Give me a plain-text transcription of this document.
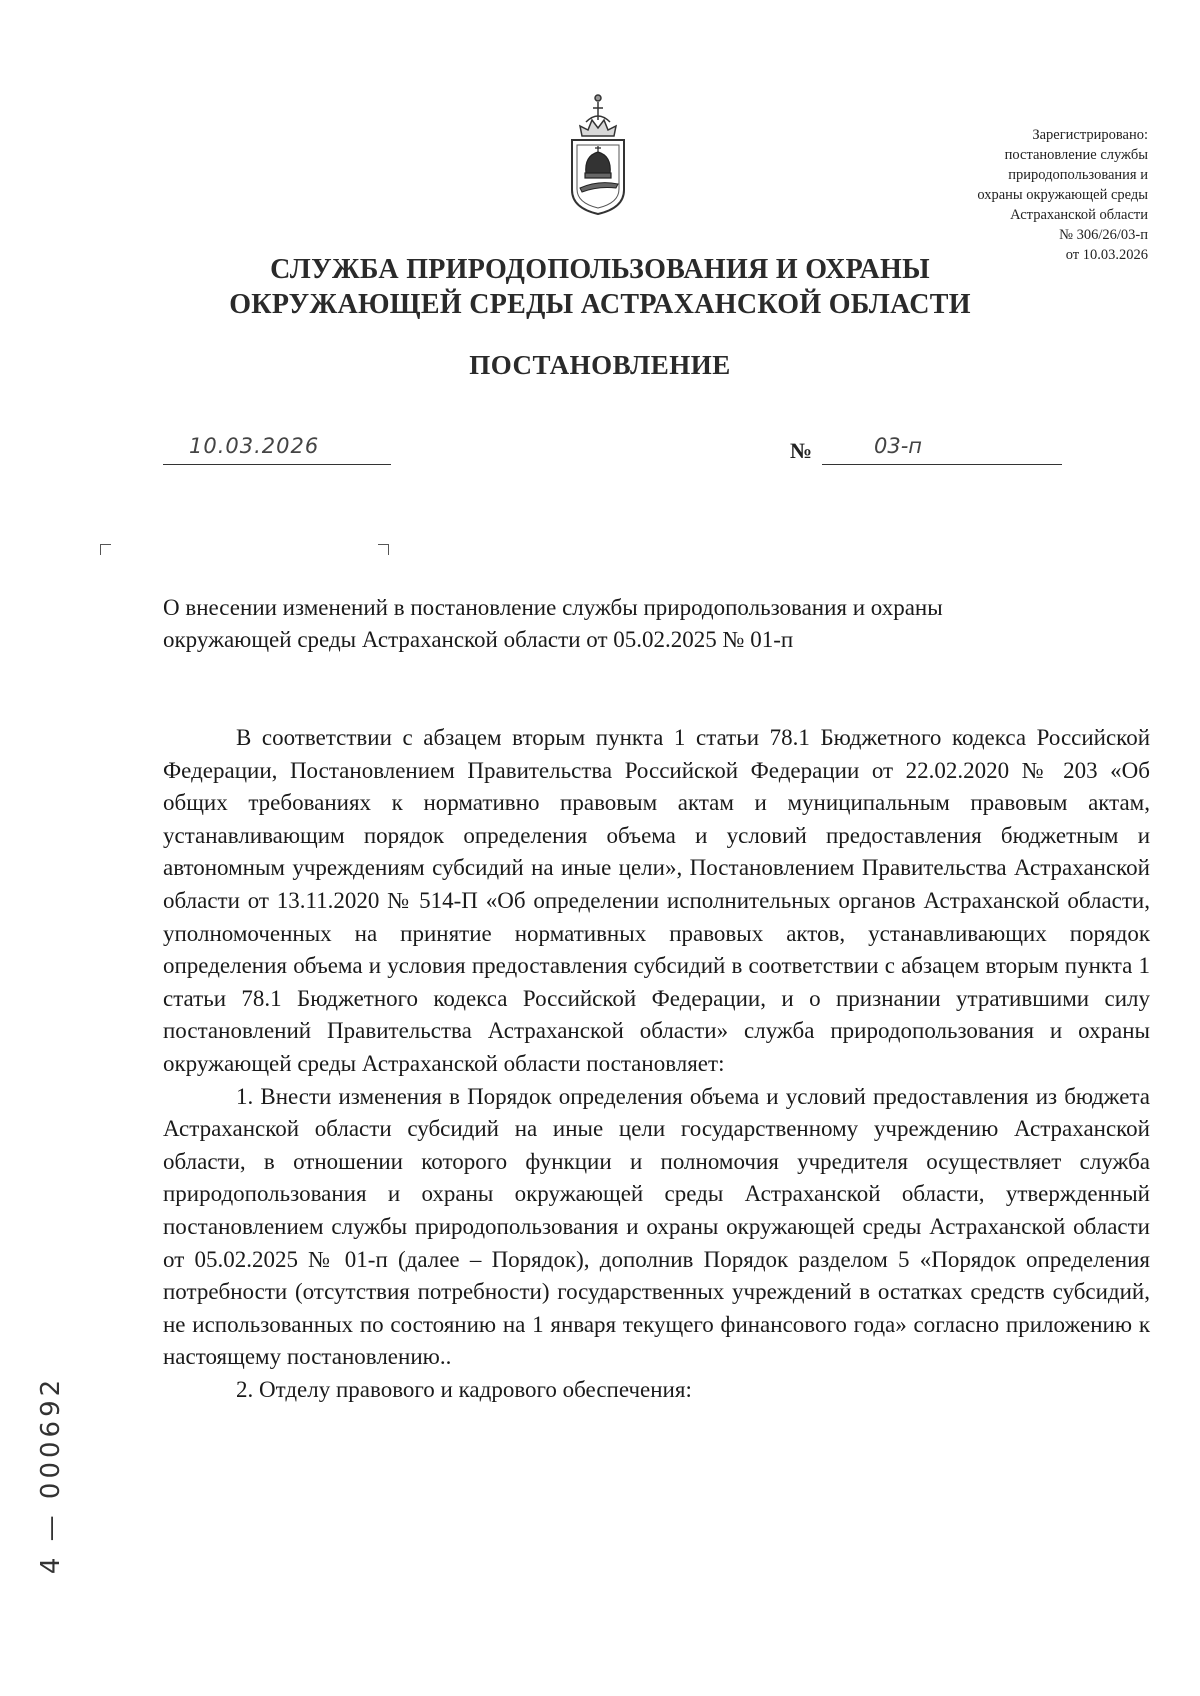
Зарегистрировано:
постановление службы
природопользования и
охраны окружающей среды
Астраханской области
№ 306/26/03-п
от 10.03.2026
СЛУЖБА ПРИРОДОПОЛЬЗОВАНИЯ И ОХРАНЫ
ОКРУЖАЮЩЕЙ СРЕДЫ АСТРАХАНСКОЙ ОБЛАСТИ
ПОСТАНОВЛЕНИЕ
10.03.2026	№	03-п
О внесении изменений в постановление службы природопользования и охраны
окружающей среды Астраханской области от 05.02.2025 № 01-п

В соответствии с абзацем вторым пункта 1 статьи 78.1 Бюджетного кодекса Российской Федерации, Постановлением Правительства Российской Федерации от 22.02.2020 № 203 «Об общих требованиях к нормативно правовым актам и муниципальным правовым актам, устанавливающим порядок определения объема и условий предоставления бюджетным и автономным учреждениям субсидий на иные цели», Постановлением Правительства Астраханской области от 13.11.2020 № 514-П «Об определении исполнительных органов Астраханской области, уполномоченных на принятие нормативных правовых актов, устанавливающих порядок определения объема и условия предоставления субсидий в соответствии с абзацем вторым пункта 1 статьи 78.1 Бюджетного кодекса Российской Федерации, и о признании утратившими силу постановлений Правительства Астраханской области» служба природопользования и охраны окружающей среды Астраханской области постановляет:

1. Внести изменения в Порядок определения объема и условий предоставления из бюджета Астраханской области субсидий на иные цели государственному учреждению Астраханской области, в отношении которого функции и полномочия учредителя осуществляет служба природопользования и охраны окружающей среды Астраханской области, утвержденный постановлением службы природопользования и охраны окружающей среды Астраханской области от 05.02.2025 № 01-п (далее – Порядок), дополнив Порядок разделом 5 «Порядок определения потребности (отсутствия потребности) государственных учреждений в остатках средств субсидий, не использованных по состоянию на 1 января текущего финансового года» согласно приложению к настоящему постановлению..

2. Отделу правового и кадрового обеспечения:

4 — 000692
